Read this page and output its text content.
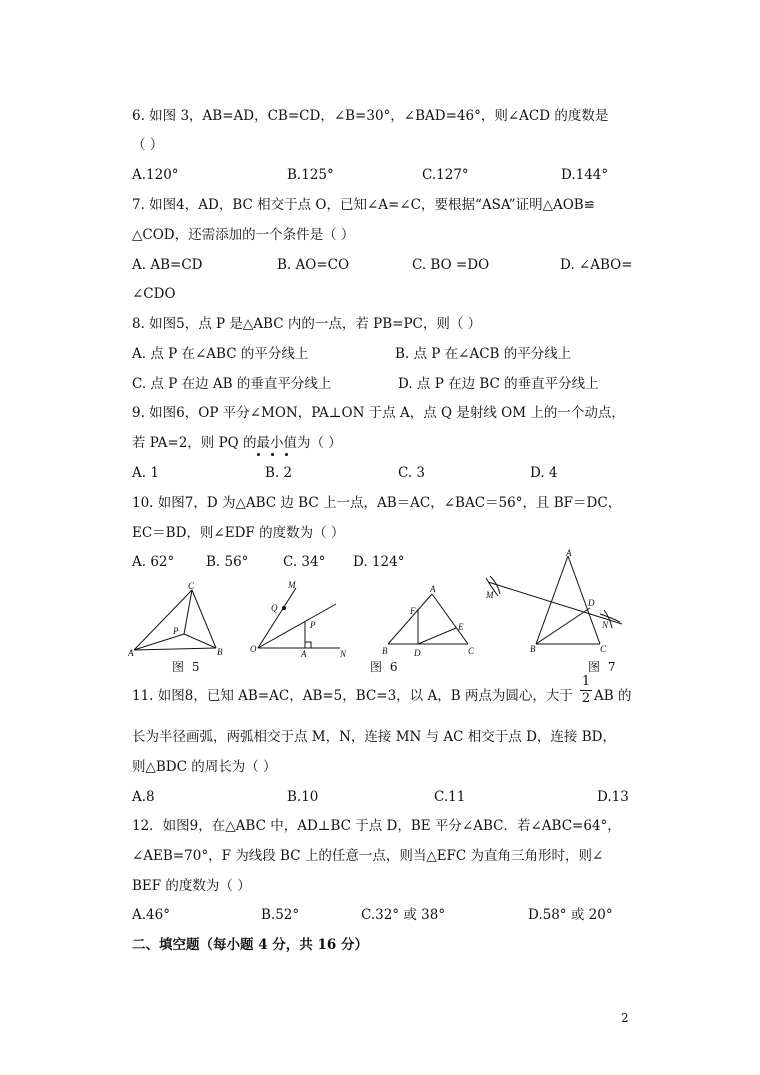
6. 如图 3，AB=AD，CB=CD，∠B=30°，∠BAD=46°，则∠ACD 的度数是
（ ）
A.120°	B.125°	C.127°	D.144°
7. 如图4，AD，BC 相交于点 O，已知∠A=∠C，要根据“ASA”证明△AOB≌
△COD，还需添加的一个条件是（ ）
A. AB=CD	B. AO=CO	C. BO =DO	D. ∠ABO=
∠CDO
8. 如图5，点 P 是△ABC 内的一点，若 PB=PC，则（ ）
A. 点 P 在∠ABC 的平分线上	B. 点 P 在∠ACB 的平分线上
C. 点 P 在边 AB 的垂直平分线上	D. 点 P 在边 BC 的垂直平分线上
9. 如图6，OP 平分∠MON，PA⊥ON 于点 A，点 Q 是射线 OM 上的一个动点，
若 PA=2，则 PQ 的最小值为（ ）
A. 1	B. 2	C. 3	D. 4
10. 如图7，D 为△ABC 边 BC 上一点，AB＝AC，∠BAC＝56°，且 BF＝DC，
EC＝BD，则∠EDF 的度数为（ ）
A. 62° B. 56°	C. 34° D. 124°
C
P
A	B
图 5
M
Q
P
O	A	N
A
F
E
B	D	C
图 6
A
M
D
N
B	C
图 7
11. 如图8，已知 AB=AC，AB=5，BC=3，以 A，B 两点为圆心，大于
1
2 AB 的
长为半径画弧，两弧相交于点 M，N，连接 MN 与 AC 相交于点 D，连接 BD，
则△BDC 的周长为（ ）
A.8	B.10	C.11	D.13
12．如图9，在△ABC 中，AD⊥BC 于点 D，BE 平分∠ABC．若∠ABC=64°，
∠AEB=70°，F 为线段 BC 上的任意一点，则当△EFC 为直角三角形时，则∠
BEF 的度数为（ ）
A.46°	B.52°	C.32° 或 38°	D.58° 或 20°
二、填空题（每小题 4 分，共 16 分）
2
